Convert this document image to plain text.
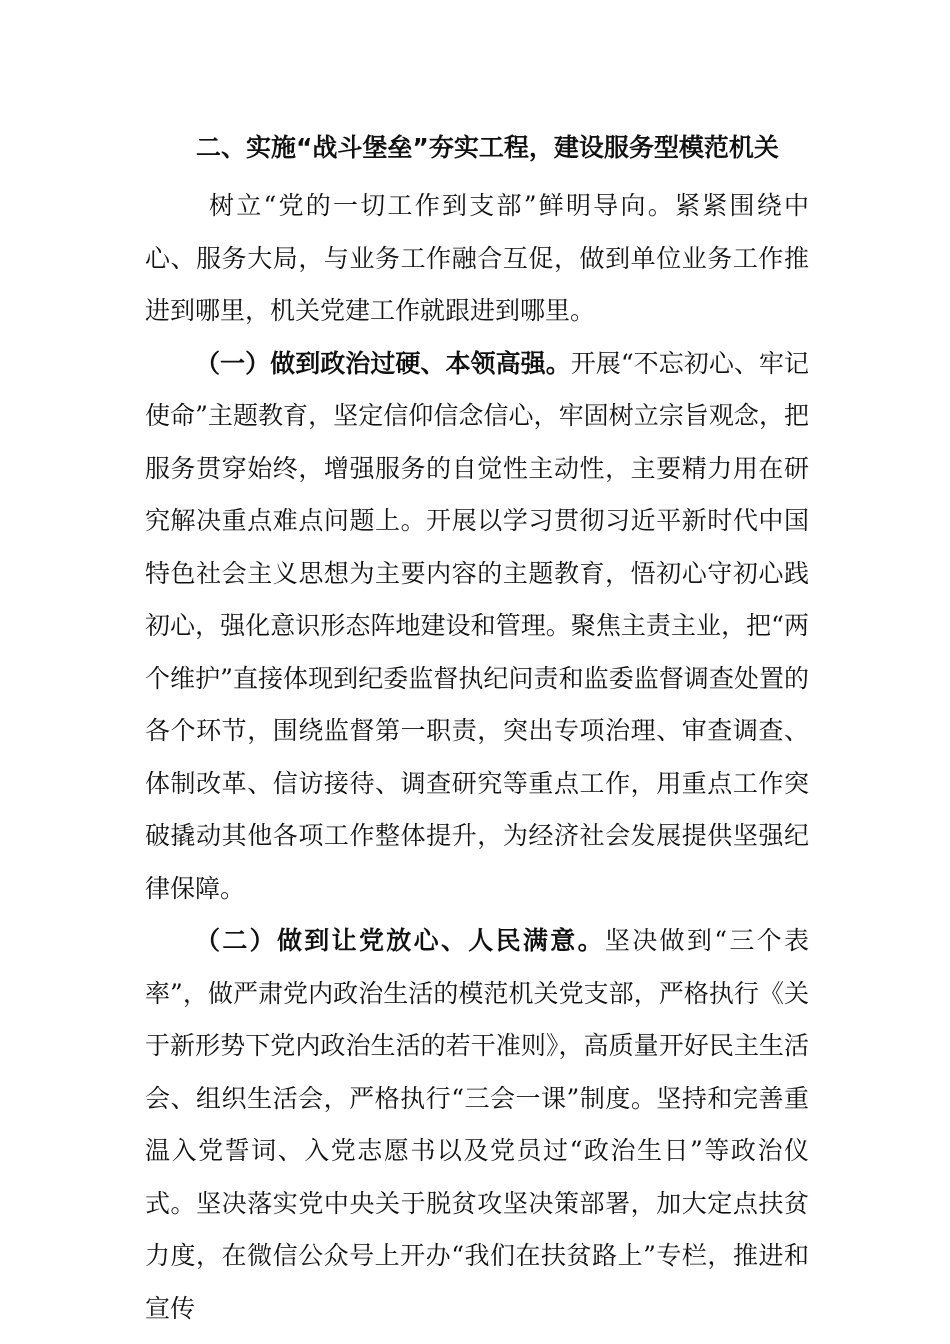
二、实施“战斗堡垒”夯实工程，建设服务型模范机关

树立“党的一切工作到支部”鲜明导向。紧紧围绕中心、服务大局，与业务工作融合互促，做到单位业务工作推进到哪里，机关党建工作就跟进到哪里。

（一）做到政治过硬、本领高强。开展“不忘初心、牢记使命”主题教育，坚定信仰信念信心，牢固树立宗旨观念，把服务贯穿始终，增强服务的自觉性主动性，主要精力用在研究解决重点难点问题上。开展以学习贯彻习近平新时代中国特色社会主义思想为主要内容的主题教育，悟初心守初心践初心，强化意识形态阵地建设和管理。聚焦主责主业，把“两个维护”直接体现到纪委监督执纪问责和监委监督调查处置的各个环节，围绕监督第一职责，突出专项治理、审查调查、体制改革、信访接待、调查研究等重点工作，用重点工作突破撬动其他各项工作整体提升，为经济社会发展提供坚强纪律保障。

（二）做到让党放心、人民满意。坚决做到“三个表率”，做严肃党内政治生活的模范机关党支部，严格执行《关于新形势下党内政治生活的若干准则》，高质量开好民主生活会、组织生活会，严格执行“三会一课”制度。坚持和完善重温入党誓词、入党志愿书以及党员过“政治生日”等政治仪式。坚决落实党中央关于脱贫攻坚决策部署，加大定点扶贫力度，在微信公众号上开办“我们在扶贫路上”专栏，推进和宣传
